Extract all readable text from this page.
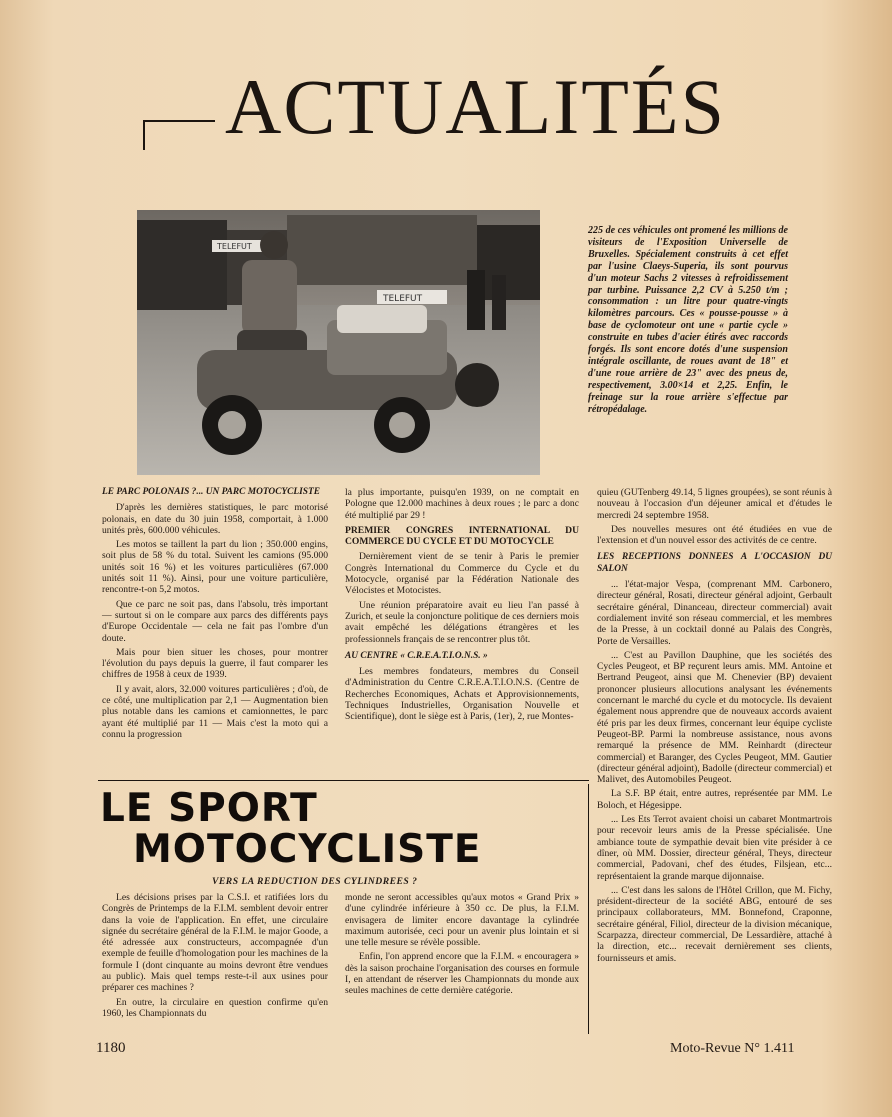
ACTUALITÉS
TELEFUT
TELEFUT
225 de ces véhicules ont promené les millions de visiteurs de l'Exposition Universelle de Bruxelles. Spécialement construits à cet effet par l'usine Claeys-Superia, ils sont pourvus d'un moteur Sachs 2 vitesses à refroidissement par turbine. Puissance 2,2 CV à 5.250 t/m ; consommation : un litre pour quatre-vingts kilomètres parcours. Ces « pousse-pousse » à base de cyclomoteur ont une « partie cycle » construite en tubes d'acier étirés avec raccords forgés. Ils sont encore dotés d'une suspension intégrale oscillante, de roues avant de 18" et d'une roue arrière de 23" avec des pneus de, respectivement, 3.00×14 et 2,25. Enfin, le freinage sur la roue arrière s'effectue par rétropédalage.

LE PARC POLONAIS ?... UN PARC MOTOCYCLISTE

D'après les dernières statistiques, le parc motorisé polonais, en date du 30 juin 1958, comportait, à 1.000 unités près, 600.000 véhicules.

Les motos se taillent la part du lion ; 350.000 engins, soit plus de 58 % du total. Suivent les camions (95.000 unités soit 16 %) et les voitures particulières (67.000 unités soit 11 %). Ainsi, pour une voiture particulière, rencontre-t-on 5,2 motos.

Que ce parc ne soit pas, dans l'absolu, très important — surtout si on le compare aux parcs des différents pays d'Europe Occidentale — cela ne fait pas l'ombre d'un doute.

Mais pour bien situer les choses, pour montrer l'évolution du pays depuis la guerre, il faut comparer les chiffres de 1958 à ceux de 1939.

Il y avait, alors, 32.000 voitures particulières ; d'où, de ce côté, une multiplication par 2,1 — Augmentation bien plus notable dans les camions et camionnettes, le parc ayant été multiplié par 11 — Mais c'est la moto qui a connu la progression

la plus importante, puisqu'en 1939, on ne comptait en Pologne que 12.000 machines à deux roues ; le parc a donc été multiplié par 29 !

PREMIER CONGRES INTERNATIONAL DU COMMERCE DU CYCLE ET DU MOTOCYCLE

Dernièrement vient de se tenir à Paris le premier Congrès International du Commerce du Cycle et du Motocycle, organisé par la Fédération Nationale des Vélocistes et Motocistes.

Une réunion préparatoire avait eu lieu l'an passé à Zurich, et seule la conjoncture politique de ces derniers mois avait empêché les délégations étrangères et les professionnels français de se rencontrer plus tôt.

AU CENTRE « C.R.E.A.T.I.O.N.S. »

Les membres fondateurs, membres du Conseil d'Administration du Centre C.R.E.A.T.I.O.N.S. (Centre de Recherches Economiques, Achats et Approvisionnements, Techniques Industrielles, Organisation Nouvelle et Scientifique), dont le siège est à Paris, (1er), 2, rue Montes-

quieu (GUTenberg 49.14, 5 lignes groupées), se sont réunis à nouveau à l'occasion d'un déjeuner amical et d'études le mercredi 24 septembre 1958.

Des nouvelles mesures ont été étudiées en vue de l'extension et d'un nouvel essor des activités de ce centre.

LES RECEPTIONS DONNEES A L'OCCASION DU SALON

... l'état-major Vespa, (comprenant MM. Carbonero, directeur général, Rosati, directeur général adjoint, Gerbault secrétaire général, Dinanceau, directeur commercial) avait cordialement invité son réseau commercial, et les membres de la Presse, à un cocktail donné au Palais des Congrès, Porte de Versailles.

... C'est au Pavillon Dauphine, que les sociétés des Cycles Peugeot, et BP reçurent leurs amis. MM. Antoine et Bertrand Peugeot, ainsi que M. Chenevier (BP) devaient prononcer plusieurs allocutions analysant les événements concernant le marché du cycle et du motocycle. Ils devaient également nous apprendre que de nouveaux accords avaient été pris par les deux firmes, concernant leur équipe cycliste Peugeot-BP. Parmi la nombreuse assistance, nous avons remarqué la présence de MM. Reinhardt (directeur commercial) et Baranger, des Cycles Peugeot, MM. Gautier (directeur général adjoint), Badolle (directeur commercial) et Malivet, des Automobiles Peugeot.

La S.F. BP était, entre autres, représentée par MM. Le Boloch, et Hégesippe.

... Les Ets Terrot avaient choisi un cabaret Montmartrois pour recevoir leurs amis de la Presse spécialisée. Une ambiance toute de sympathie devait bien vite présider à ce dîner, où MM. Dossier, directeur général, Theys, directeur commercial, Padovani, chef des études, Filsjean, etc... représentaient la grande marque dijonnaise.

... C'est dans les salons de l'Hôtel Crillon, que M. Fichy, président-directeur de la société ABG, entouré de ses principaux collaborateurs, MM. Bonnefond, Craponne, secrétaire général, Filiol, directeur de la division mécanique, Scarpazza, directeur commercial, De Lessardière, attaché à la direction, etc... recevait dernièrement ses clients, fournisseurs et amis.

LE SPORT
MOTOCYCLISTE
VERS LA REDUCTION DES CYLINDREES ?

Les décisions prises par la C.S.I. et ratifiées lors du Congrès de Printemps de la F.I.M. semblent devoir entrer dans la voie de l'application. En effet, une circulaire signée du secrétaire général de la F.I.M. le major Goode, a été adressée aux constructeurs, accompagnée d'un exemple de feuille d'homologation pour les machines de la formule I (dont cinquante au moins devront être vendues au public). Mais quel temps reste-t-il aux usines pour préparer ces machines ?

En outre, la circulaire en question confirme qu'en 1960, les Championnats du

monde ne seront accessibles qu'aux motos « Grand Prix » d'une cylindrée inférieure à 350 cc. De plus, la F.I.M. envisagera de limiter encore davantage la cylindrée maximum autorisée, ceci pour un avenir plus lointain et si une telle mesure se révèle possible.

Enfin, l'on apprend encore que la F.I.M. « encouragera » dès la saison prochaine l'organisation des courses en formule I, en attendant de réserver les Championnats du monde aux seules machines de cette dernière catégorie.

1180	Moto-Revue N° 1.411
